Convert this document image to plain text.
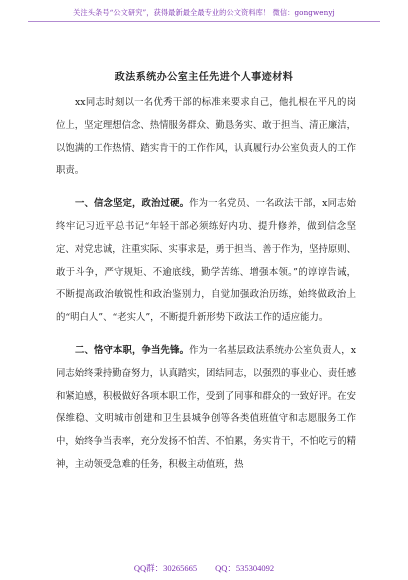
关注头条号“公文研究”，获得最新最全最专业的公文资料库！ 微信：gongwenyj
政法系统办公室主任先进个人事迹材料

xx同志时刻以一名优秀干部的标准来要求自己，他扎根在平凡的岗位上，坚定理想信念、热情服务群众、勤恳务实、敢于担当、清正廉洁，以饱满的工作热情、踏实肯干的工作作风，认真履行办公室负责人的工作职责。

一、信念坚定，政治过硬。作为一名党员、一名政法干部，x同志始终牢记习近平总书记“年轻干部必须练好内功、提升修养，做到信念坚定、对党忠诚，注重实际、实事求是，勇于担当、善于作为，坚持原则、敢于斗争，严守规矩、不逾底线，勤学苦练、增强本领。”的谆谆告诫，不断提高政治敏锐性和政治鉴别力，自觉加强政治历练，始终做政治上的“明白人”、“老实人”，不断提升新形势下政法工作的适应能力。

二、恪守本职，争当先锋。作为一名基层政法系统办公室负责人，x同志始终秉持勤奋努力，认真踏实，团结同志，以强烈的事业心、责任感和紧迫感，积极做好各项本职工作，受到了同事和群众的一致好评。在安保维稳、文明城市创建和卫生县城争创等各类值班值守和志愿服务工作中，始终争当表率，充分发扬不怕苦、不怕累，务实肯干，不怕吃亏的精神，主动领受急难的任务，积极主动值班，热

QQ群：30265665 QQ：535304092
